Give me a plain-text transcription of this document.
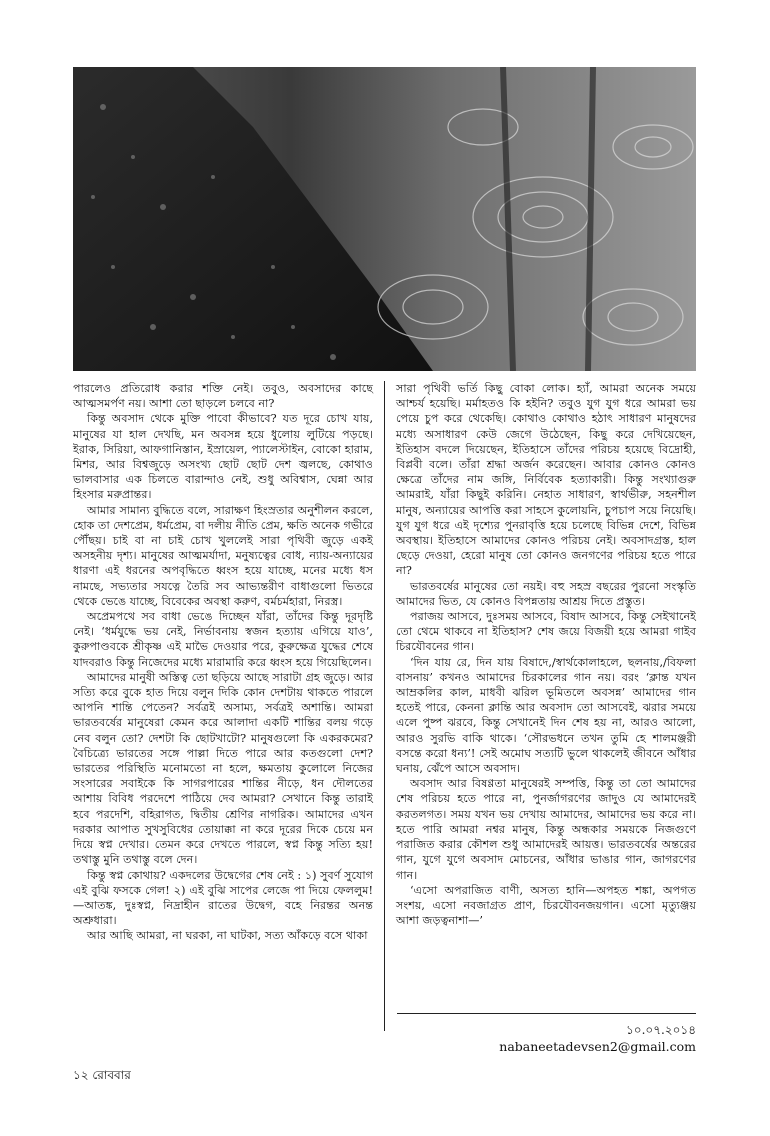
পারলেও প্রতিরোধ করার শক্তি নেই। তবুও, অবসাদের কাছে আত্মসমর্পণ নয়। আশা তো ছাড়লে চলবে না?

কিন্তু অবসাদ থেকে মুক্তি পাবো কীভাবে? যত দূরে চোখ যায়, মানুষের যা হাল দেখছি, মন অবসন্ন হয়ে ধুলোয় লুটিয়ে পড়ছে। ইরাক, সিরিয়া, আফগানিস্তান, ইস্রায়েল, প্যালেস্টাইন, বোকো হারাম, মিশর, আর বিশ্বজুড়ে অসংখ্য ছোট ছোট দেশ জ্বলছে, কোথাও ভালবাসার এক চিলতে বারান্দাও নেই, শুধু অবিশ্বাস, ঘেন্না আর হিংসার মরুপ্রান্তর।

আমার সামান্য বুদ্ধিতে বলে, সারাক্ষণ হিংস্রতার অনুশীলন করলে, হোক তা দেশপ্রেম, ধর্মপ্রেম, বা দলীয় নীতি প্রেম, ক্ষতি অনেক গভীরে পৌঁছয়। চাই বা না চাই চোখ খুললেই সারা পৃথিবী জুড়ে একই অসহনীয় দৃশ্য। মানুষের আত্মমর্যাদা, মনুষ্যত্বের বোধ, ন্যায়-অন্যায়ের ধারণা এই ধরনের অপবৃদ্ধিতে ধ্বংস হয়ে যাচ্ছে, মনের মধ্যে ধস নামছে, সভ্যতার সযত্নে তৈরি সব আভ্যন্তরীণ বাধাগুলো ভিতরে থেকে ভেঙে যাচ্ছে, বিবেকের অবস্থা করুণ, বর্মচর্মহারা, নিরস্ত্র।

অপ্রেমপথে সব বাধা ভেঙে দিচ্ছেন যাঁরা, তাঁদের কিন্তু দূরদৃষ্টি নেই। ‘ধর্মযুদ্ধে ভয় নেই, নির্ভাবনায় স্বজন হত্যায় এগিয়ে যাও’, কুরুপাণ্ডবকে শ্রীকৃষ্ণ এই মাভৈ দেওয়ার পরে, কুরুক্ষেত্র যুদ্ধের শেষে যাদবরাও কিন্তু নিজেদের মধ্যে মারামারি করে ধ্বংস হয়ে গিয়েছিলেন।

আমাদের মানুষী অস্তিত্ব তো ছড়িয়ে আছে সারাটা গ্রহ জুড়ে। আর সত্যি করে বুকে হাত দিয়ে বলুন দিকি কোন দেশটায় থাকতে পারলে আপনি শান্তি পেতেন? সর্বত্রই অসাম্য, সর্বত্রই অশান্তি। আমরা ভারতবর্ষের মানুষেরা কেমন করে আলাদা একটি শান্তির বলয় গড়ে নেব বলুন তো? দেশটা কি ছোটখাটো? মানুষগুলো কি একরকমের? বৈচিত্র্যে ভারতের সঙ্গে পাল্লা দিতে পারে আর কতগুলো দেশ? ভারতের পরিস্থিতি মনোমতো না হলে, ক্ষমতায় কুলোলে নিজের সংসারের সবাইকে কি সাগরপারের শান্তির নীড়ে, ধন দৌলতের আশায় বিবিধ পরদেশে পাঠিয়ে দেব আমরা? সেখানে কিন্তু তারাই হবে পরদেশি, বহিরাগত, দ্বিতীয় শ্রেণির নাগরিক। আমাদের এখন দরকার আপাত সুখসুবিধের তোয়াক্কা না করে দূরের দিকে চেয়ে মন দিয়ে স্বপ্ন দেখার। তেমন করে দেখতে পারলে, স্বপ্ন কিন্তু সত্যি হয়! তথাস্তু মুনি তথাস্তু বলে দেন।

কিন্তু স্বপ্ন কোথায়? একদলের উদ্বেগের শেষ নেই : ১) সুবর্ণ সুযোগ এই বুঝি ফসকে গেল! ২) এই বুঝি সাপের লেজে পা দিয়ে ফেললুম!—আতঙ্ক, দুঃস্বপ্ন, নিদ্রাহীন রাতের উদ্বেগ, বহে নিরন্তর অনন্ত অশ্রুধারা।

আর আছি আমরা, না ঘরকা, না ঘাটকা, সত্য আঁকড়ে বসে থাকা

সারা পৃথিবী ভর্তি কিছু বোকা লোক। হ্যাঁ, আমরা অনেক সময়ে আশ্চর্য হয়েছি। মর্মাহতও কি হইনি? তবুও যুগ যুগ ধরে আমরা ভয় পেয়ে চুপ করে থেকেছি। কোথাও কোথাও হঠাৎ সাধারণ মানুষদের মধ্যে অসাধারণ কেউ জেগে উঠেছেন, কিছু করে দেখিয়েছেন, ইতিহাস বদলে দিয়েছেন, ইতিহাসে তাঁদের পরিচয় হয়েছে বিদ্রোহী, বিপ্লবী বলে। তাঁরা শ্রদ্ধা অর্জন করেছেন। আবার কোনও কোনও ক্ষেত্রে তাঁদের নাম জঙ্গি, নির্বিবেক হত্যাকারী। কিন্তু সংখ্যাগুরু আমরাই, যাঁরা কিছুই করিনি। নেহাত সাধারণ, স্বার্থভীরু, সহনশীল মানুষ, অন্যায়ের আপত্তি করা সাহসে কুলোয়নি, চুপচাপ সয়ে নিয়েছি। যুগ যুগ ধরে এই দৃশ্যের পুনরাবৃত্তি হয়ে চলেছে বিভিন্ন দেশে, বিভিন্ন অবস্থায়। ইতিহাসে আমাদের কোনও পরিচয় নেই। অবসাদগ্রস্ত, হাল ছেড়ে দেওয়া, হেরো মানুষ তো কোনও জনগণের পরিচয় হতে পারে না?

ভারতবর্ষের মানুষের তো নয়ই। বহু সহস্র বছরের পুরনো সংস্কৃতি আমাদের ভিত, যে কোনও বিপন্নতায় আশ্রয় দিতে প্রস্তুত।

পরাজয় আসবে, দুঃসময় আসবে, বিষাদ আসবে, কিন্তু সেইখানেই তো থেমে থাকবে না ইতিহাস? শেষ জয়ে বিজয়ী হয়ে আমরা গাইব চিরযৌবনের গান।

‘দিন যায় রে, দিন যায় বিষাদে,/স্বার্থকোলাহলে, ছলনায়,/বিফলা বাসনায়’ কখনও আমাদের চিরকালের গান নয়। বরং ‘ক্লান্ত যখন আম্রকলির কাল, মাধবী ঝরিল ভূমিতলে অবসন্ন’ আমাদের গান হতেই পারে, কেননা ক্লান্তি আর অবসাদ তো আসবেই, ঝরার সময়ে এলে পুষ্প ঝরবে, কিন্তু সেখানেই দিন শেষ হয় না, আরও আলো, আরও সুরভি বাকি থাকে। ‘সৌরভধনে তখন তুমি হে শালমঞ্জরী বসন্তে করো ধন্য’! সেই অমোঘ সত্যটি ভুলে থাকলেই জীবনে আঁধার ঘনায়, ঝেঁপে আসে অবসাদ।

অবসাদ আর বিষণ্ণতা মানুষেরই সম্পত্তি, কিন্তু তা তো আমাদের শেষ পরিচয় হতে পারে না, পুনর্জাগরণের জাদুও যে আমাদেরই করতলগত। সময় যখন ভয় দেখায় আমাদের, আমাদের ভয় করে না। হতে পারি আমরা নশ্বর মানুষ, কিন্তু অন্ধকার সময়কে নিজগুণে পরাজিত করার কৌশল শুধু আমাদেরই আয়ত্ত। ভারতবর্ষের অন্তরের গান, যুগে যুগে অবসাদ মোচনের, আঁধার ভাঙার গান, জাগরণের গান।

‘এসো অপরাজিত বাণী, অসত্য হানি—অপহত শঙ্কা, অপগত সংশয়, এসো নবজাগ্রত প্রাণ, চিরযৌবনজয়গান। এসো মৃত্যুঞ্জয় আশা জড়ত্বনাশা—’

১০.০৭.২০১৪
nabaneetadevsen2@gmail.com
১২ রোববার
